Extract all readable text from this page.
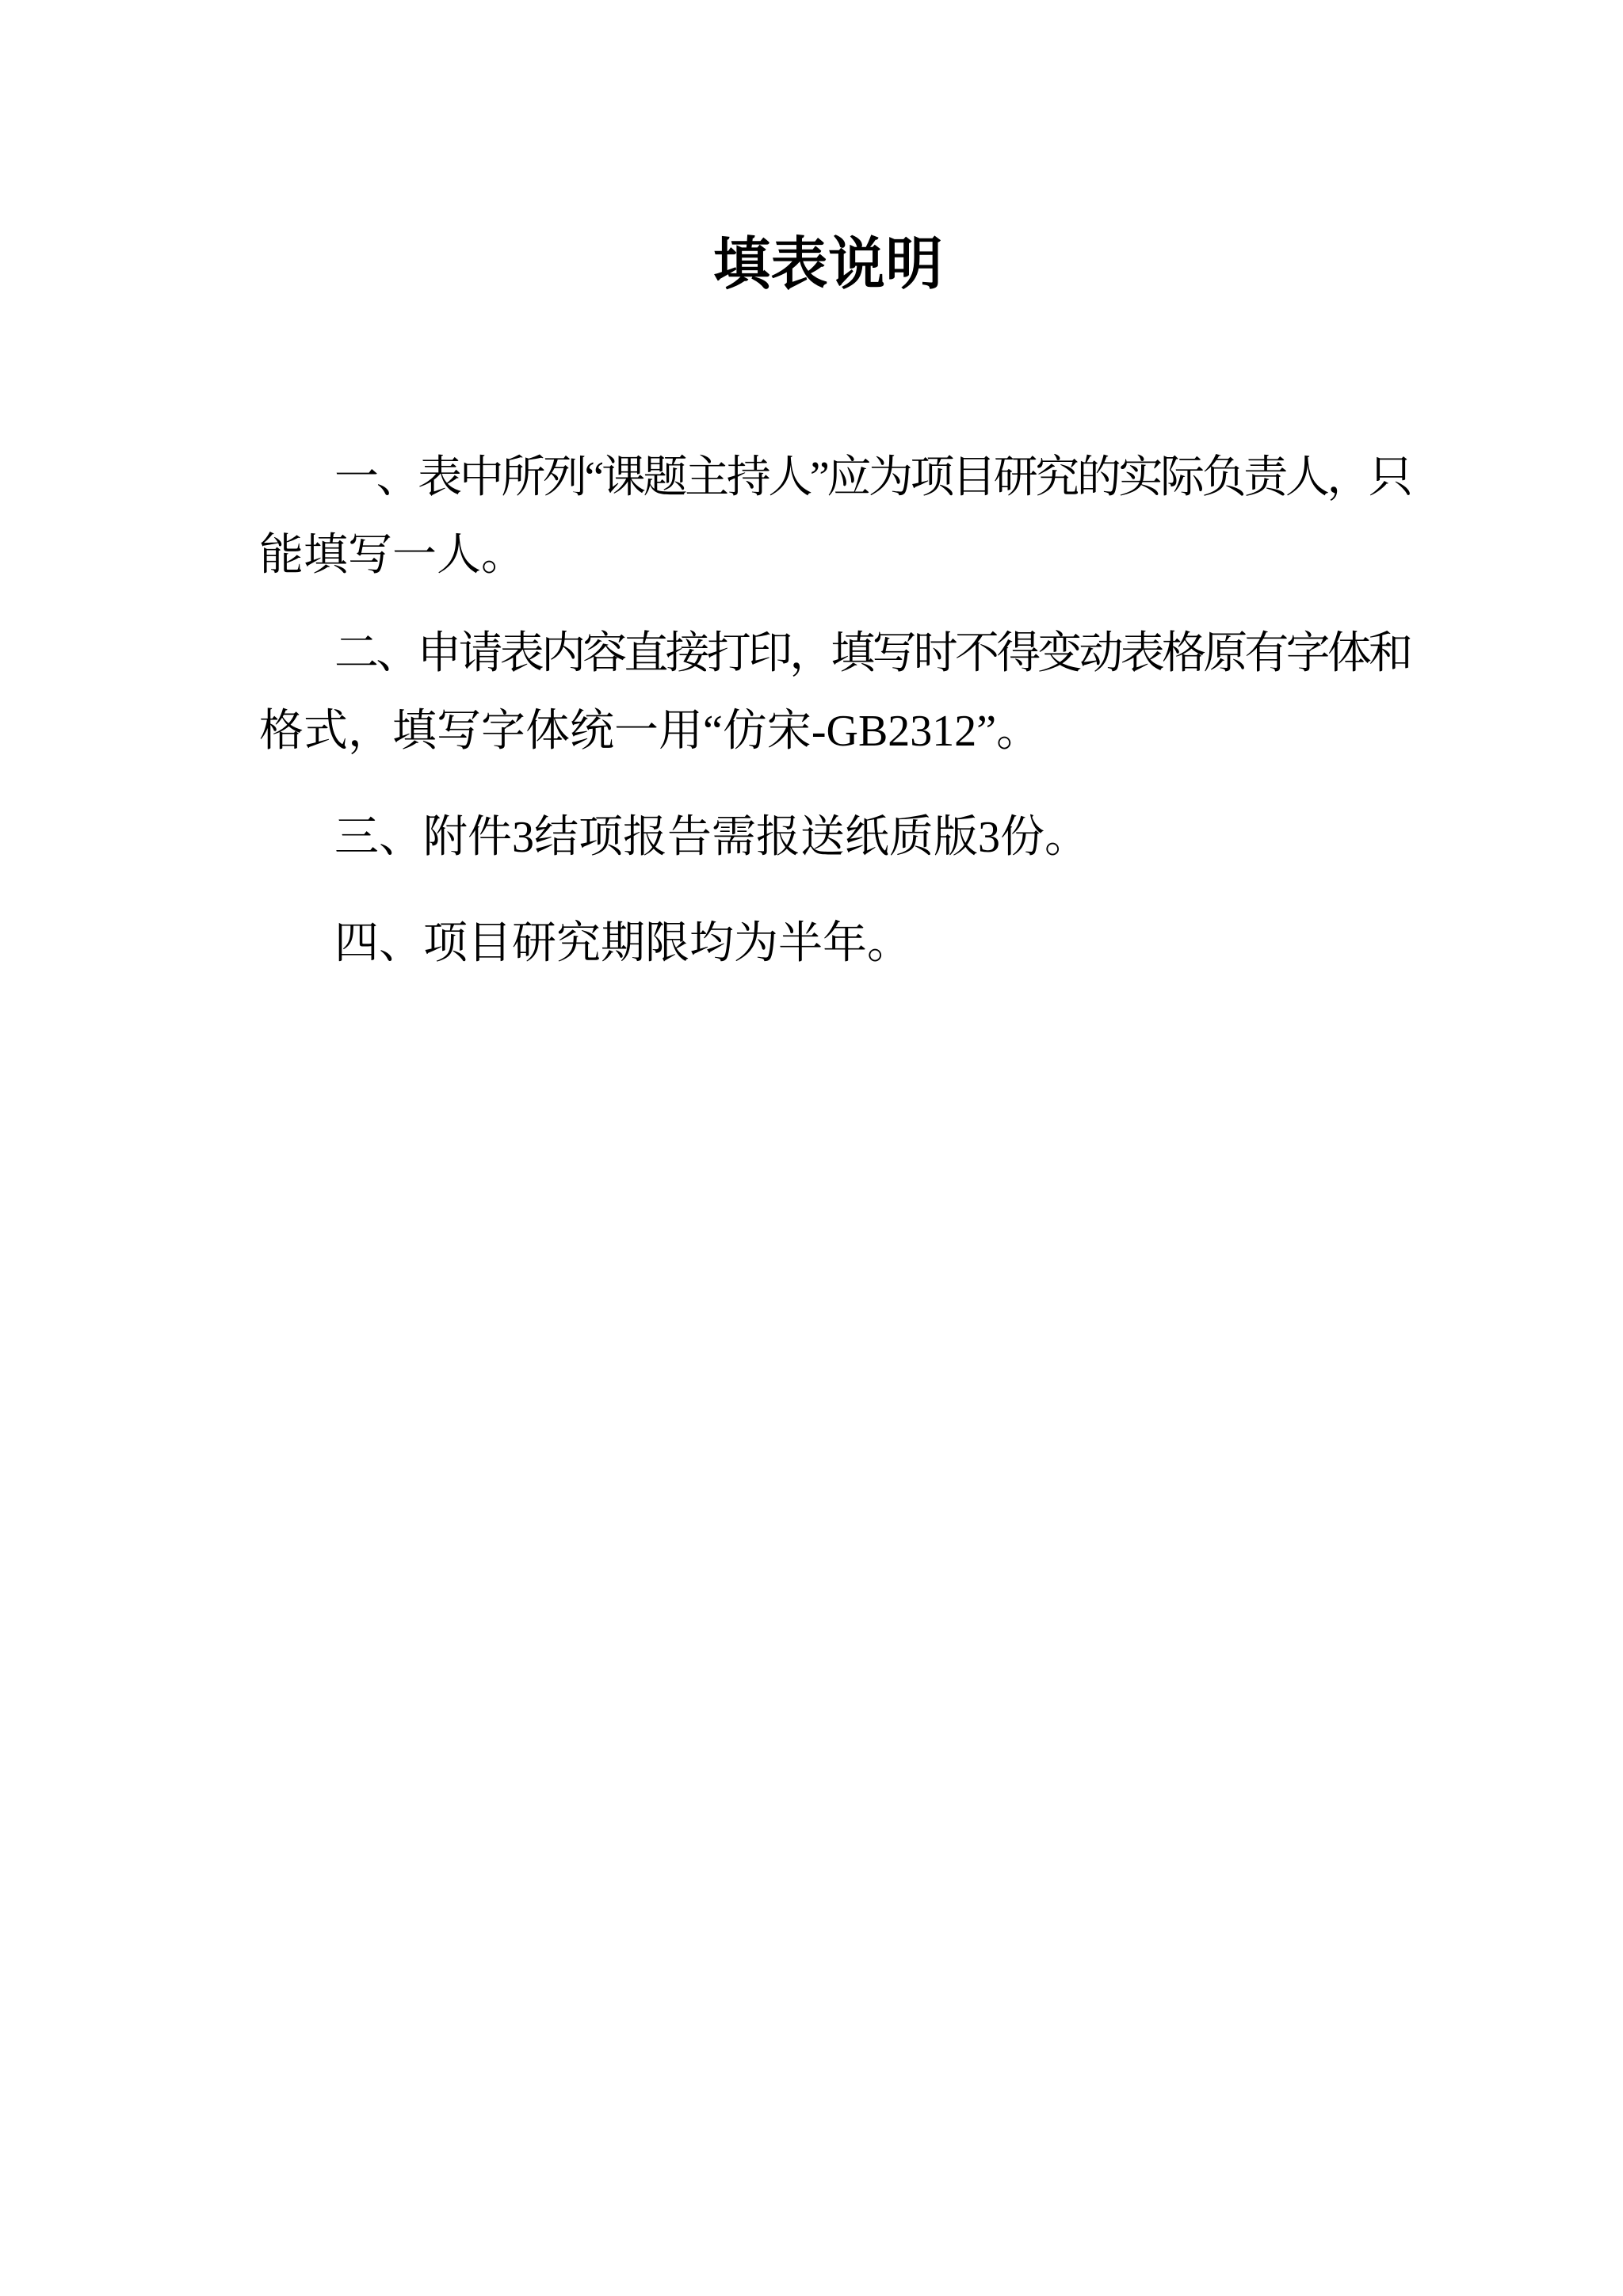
填表说明
一、表中所列“课题主持人”应为项目研究的实际负责人，只
能填写一人。
二、申请表内容直接打印，填写时不得变动表格原有字体和
格式，填写字体统一用“仿宋-GB2312”。
三、附件3结项报告需报送纸质版3份。
四、项目研究期限均为半年。
